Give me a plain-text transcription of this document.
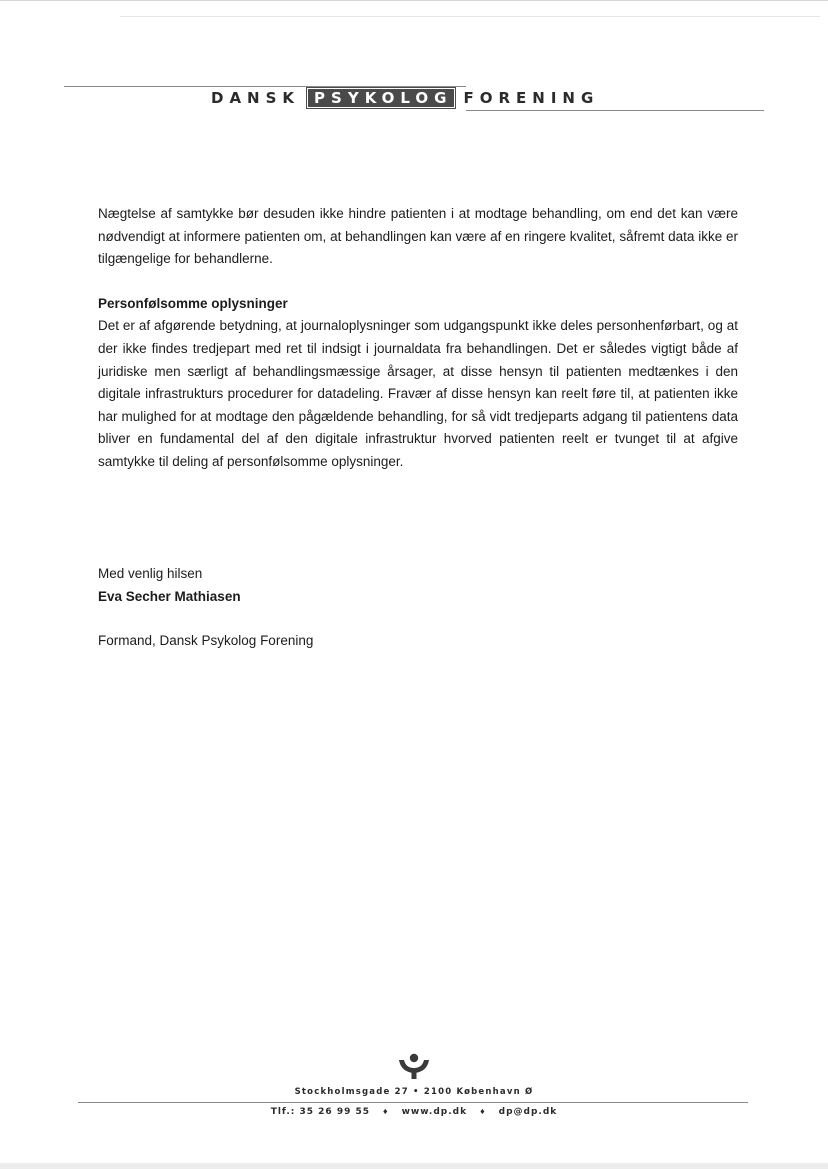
DANSK PSYKOLOG FORENING

Nægtelse af samtykke bør desuden ikke hindre patienten i at modtage behandling, om end det kan være nødvendigt at informere patienten om, at behandlingen kan være af en ringere kvalitet, såfremt data ikke er tilgængelige for behandlerne.

Personfølsomme oplysninger

Det er af afgørende betydning, at journaloplysninger som udgangspunkt ikke deles personhenførbart, og at der ikke findes tredjepart med ret til indsigt i journaldata fra behandlingen. Det er således vigtigt både af juridiske men særligt af behandlingsmæssige årsager, at disse hensyn til patienten medtænkes i den digitale infrastrukturs procedurer for datadeling. Fravær af disse hensyn kan reelt føre til, at patienten ikke har mulighed for at modtage den pågældende behandling, for så vidt tredjeparts adgang til patientens data bliver en fundamental del af den digitale infrastruktur hvorved patienten reelt er tvunget til at afgive samtykke til deling af personfølsomme oplysninger.

Med venlig hilsen
Eva Secher Mathiasen
Formand, Dansk Psykolog Forening
Stockholmsgade 27 • 2100 København Ø
Tlf.: 35 26 99 55 ♦ www.dp.dk ♦ dp@dp.dk
